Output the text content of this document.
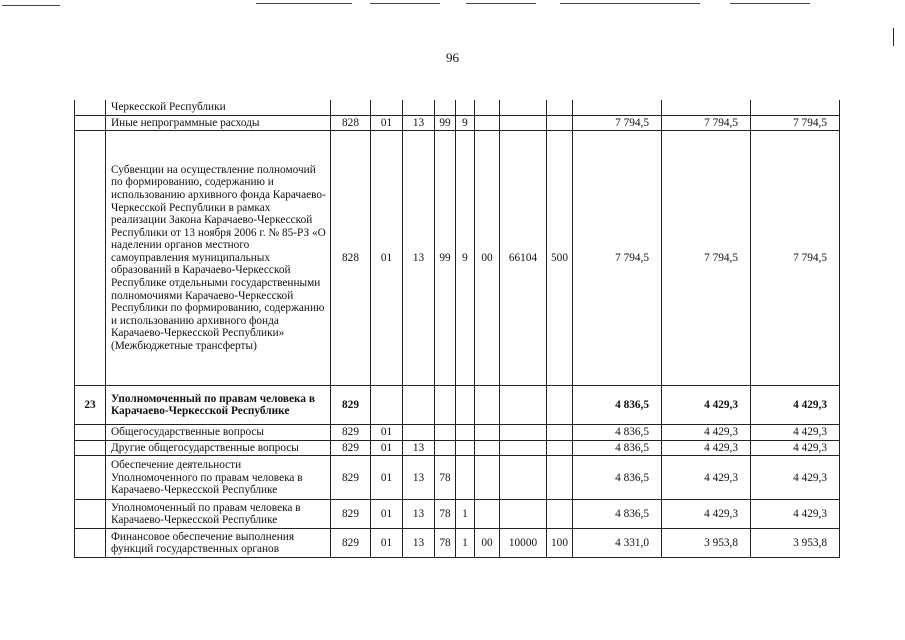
96
	Черкесской Республики											
	Иные непрограммные расходы	828	01	13	99	9				7 794,5	7 794,5	7 794,5
	Субвенции на осуществление полномочий по формированию, содержанию и использованию архивного фонда Карачаево-Черкесской Республики в рамках реализации Закона Карачаево-Черкесской Республики от 13 ноября 2006 г. № 85-РЗ «О наделении органов местного самоуправления муниципальных образований в Карачаево-Черкесской Республике отдельными государственными полномочиями Карачаево-Черкесской Республики по формированию, содержанию и использованию архивного фонда Карачаево-Черкесской Республики» (Межбюджетные трансферты)	828	01	13	99	9	00	66104	500	7 794,5	7 794,5	7 794,5
23	Уполномоченный по правам человека в Карачаево-Черкесской Республике	829								4 836,5	4 429,3	4 429,3
	Общегосударственные вопросы	829	01							4 836,5	4 429,3	4 429,3
	Другие общегосударственные вопросы	829	01	13						4 836,5	4 429,3	4 429,3
	Обеспечение деятельности Уполномоченного по правам человека в Карачаево-Черкесской Республике	829	01	13	78					4 836,5	4 429,3	4 429,3
	Уполномоченный по правам человека в Карачаево-Черкесской Республике	829	01	13	78	1				4 836,5	4 429,3	4 429,3
	Финансовое обеспечение выполнения функций государственных органов	829	01	13	78	1	00	10000	100	4 331,0	3 953,8	3 953,8
